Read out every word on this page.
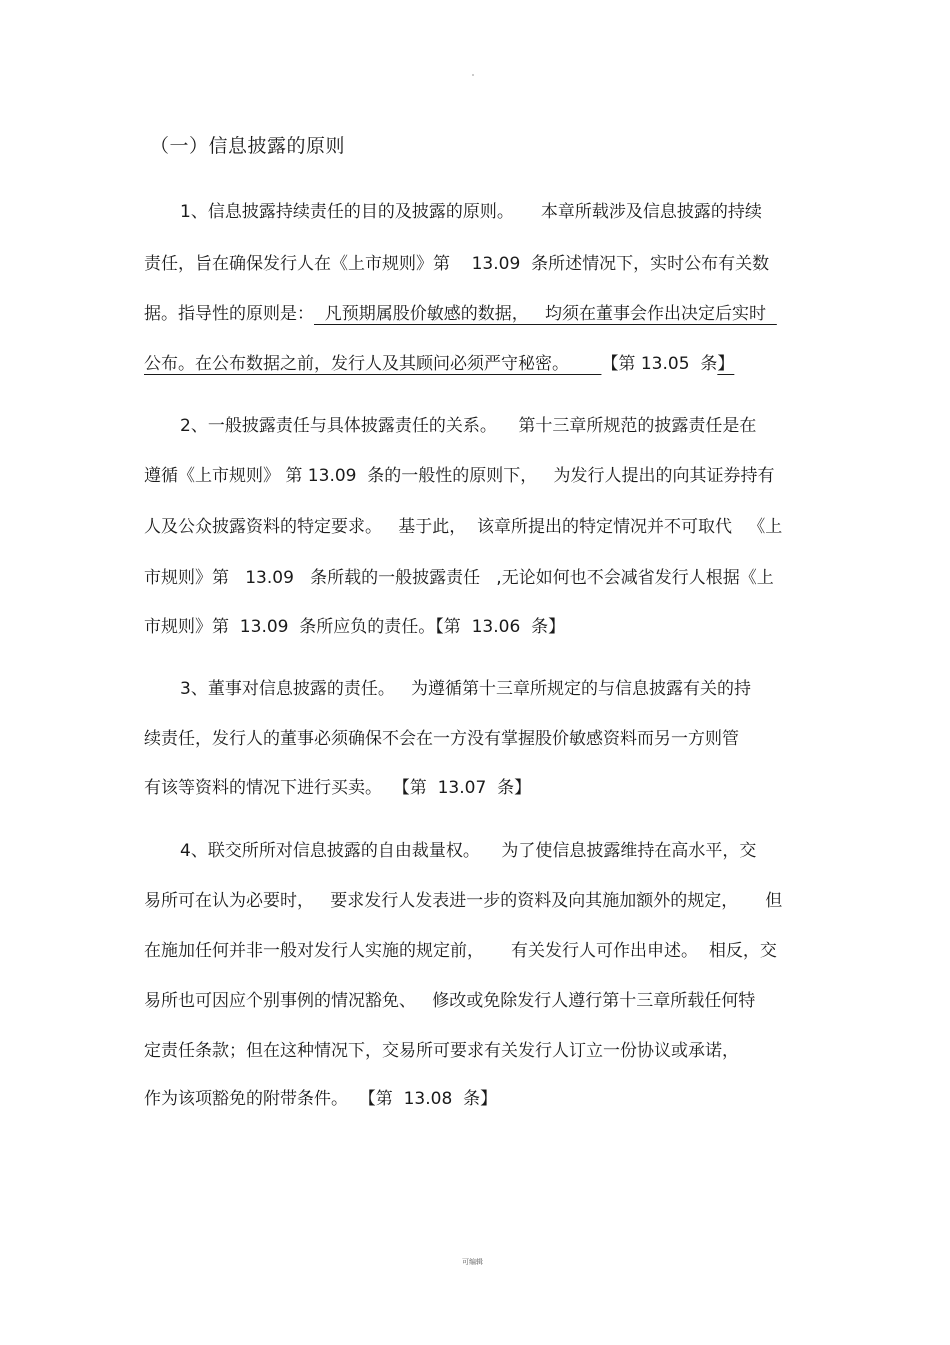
（一）信息披露的原则
1、信息披露持续责任的目的及披露的原则。     本章所载涉及信息披露的持续
责任，旨在确保发行人在《上市规则》第    13.09  条所述情况下，实时公布有关数
据。指导性的原则是：  凡预期属股价敏感的数据，   均须在董事会作出决定后实时
公布。在公布数据之前，发行人及其顾问必须严守秘密。 【第 13.05  条】
2、一般披露责任与具体披露责任的关系。    第十三章所规范的披露责任是在
遵循《上市规则》 第 13.09  条的一般性的原则下，   为发行人提出的向其证券持有
人及公众披露资料的特定要求。   基于此，  该章所提出的特定情况并不可取代   《上
市规则》第   13.09   条所载的一般披露责任   ,无论如何也不会减省发行人根据《上
市规则》第  13.09  条所应负的责任。【第  13.06  条】
3、董事对信息披露的责任。   为遵循第十三章所规定的与信息披露有关的持
续责任，发行人的董事必须确保不会在一方没有掌握股价敏感资料而另一方则管
有该等资料的情况下进行买卖。  【第  13.07  条】
4、联交所所对信息披露的自由裁量权。    为了使信息披露维持在高水平，交
易所可在认为必要时，   要求发行人发表进一步的资料及向其施加额外的规定，     但
在施加任何并非一般对发行人实施的规定前，     有关发行人可作出申述。  相反，交
易所也可因应个别事例的情况豁免、   修改或免除发行人遵行第十三章所载任何特
定责任条款；但在这种情况下，交易所可要求有关发行人订立一份协议或承诺，
作为该项豁免的附带条件。  【第  13.08  条】
可编辑
